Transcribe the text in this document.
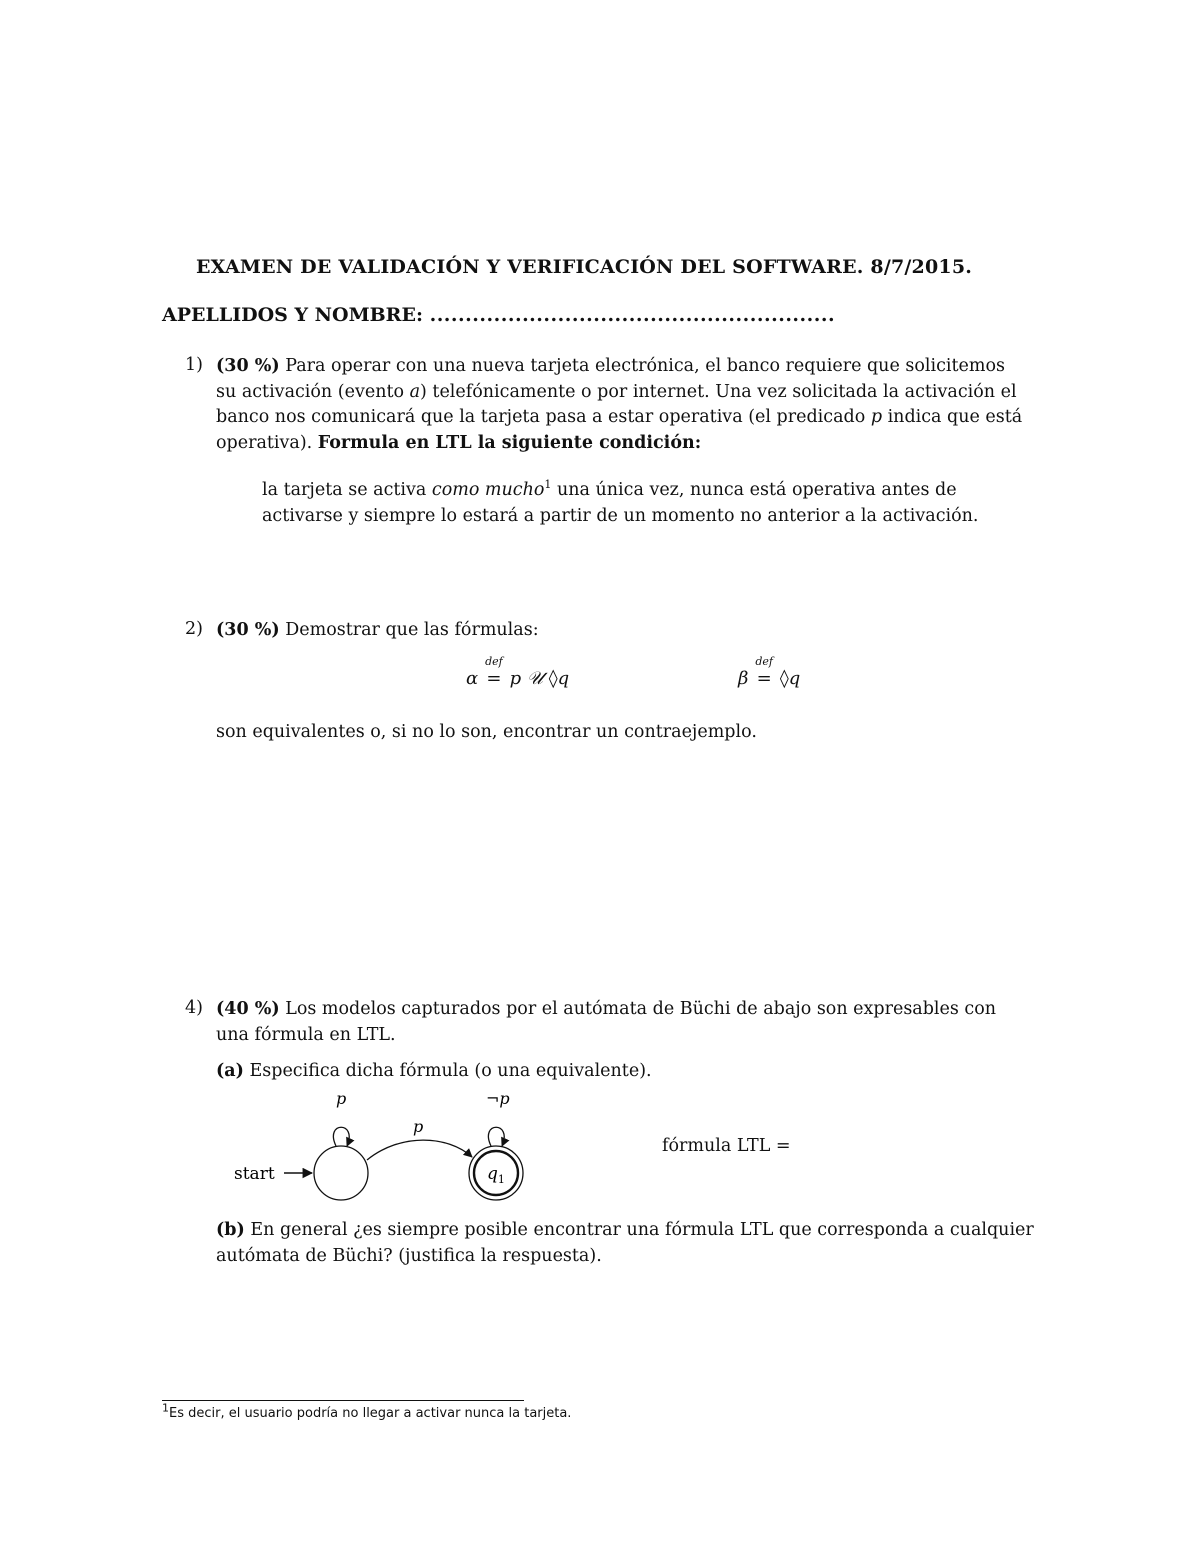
EXAMEN DE VALIDACIÓN Y VERIFICACIÓN DEL SOFTWARE. 8/7/2015.
APELLIDOS Y NOMBRE: .........................................................
1) (30 %) Para operar con una nueva tarjeta electrónica, el banco requiere que solicitemos
su activación (evento a) telefónicamente o por internet. Una vez solicitada la activación el
banco nos comunicará que la tarjeta pasa a estar operativa (el predicado p indica que está
operativa). Formula en LTL la siguiente condición:
la tarjeta se activa como mucho$^1$ una única vez, nunca está operativa antes de
activarse y siempre lo estará a partir de un momento no anterior a la activación.
2) (30 %) Demostrar que las fórmulas:
α
def
= p 𝒰 ◊q	β
def
= ◊q
son equivalentes o, si no lo son, encontrar un contraejemplo.
4) (40 %) Los modelos capturados por el autómata de Büchi de abajo son expresables con
una fórmula en LTL.
(a) Especifica dicha fórmula (o una equivalente).
start
p
p
$q_1$
¬p
fórmula LTL =
(b) En general ¿es siempre posible encontrar una fórmula LTL que corresponda a cualquier
autómata de Büchi? (justifica la respuesta).
$^1$Es decir, el usuario podría no llegar a activar nunca la tarjeta.
